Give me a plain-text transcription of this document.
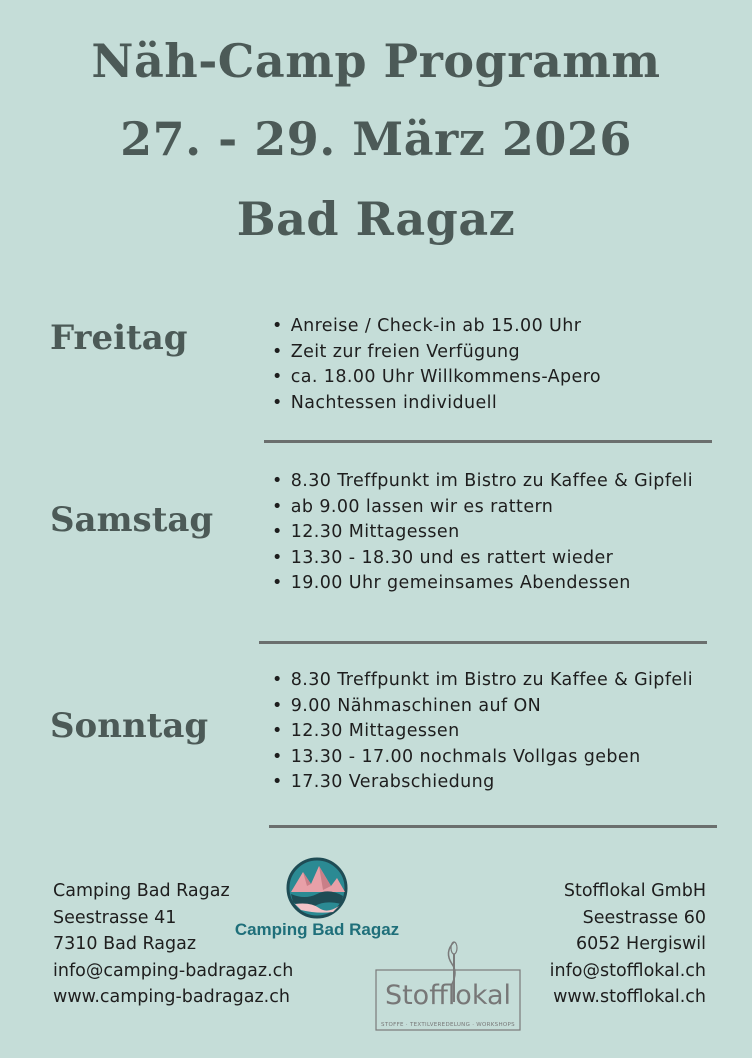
Näh-Camp Programm
27. - 29. März 2026
Bad Ragaz
Freitag
•	Anreise / Check-in ab 15.00 Uhr
• Zeit zur freien Verfügung
• ca. 18.00 Uhr Willkommens-Apero
• Nachtessen individuell
Samstag
• 8.30 Treffpunkt im Bistro zu Kaffee & Gipfeli
• ab 9.00 lassen wir es rattern
• 12.30 Mittagessen
• 13.30 - 18.30 und es rattert wieder
• 19.00 Uhr gemeinsames Abendessen
Sonntag
• 8.30 Treffpunkt im Bistro zu Kaffee & Gipfeli
• 9.00 Nähmaschinen auf ON
• 12.30 Mittagessen
• 13.30 - 17.00 nochmals Vollgas geben
• 17.30 Verabschiedung
Camping Bad Ragaz
Seestrasse 41
7310 Bad Ragaz
info@camping-badragaz.ch
www.camping-badragaz.ch
Camping Bad Ragaz
Stofflokal
STOFFE · TEXTILVEREDELUNG · WORKSHOPS
Stofflokal GmbH
Seestrasse 60
6052 Hergiswil
info@stofflokal.ch
www.stofflokal.ch
